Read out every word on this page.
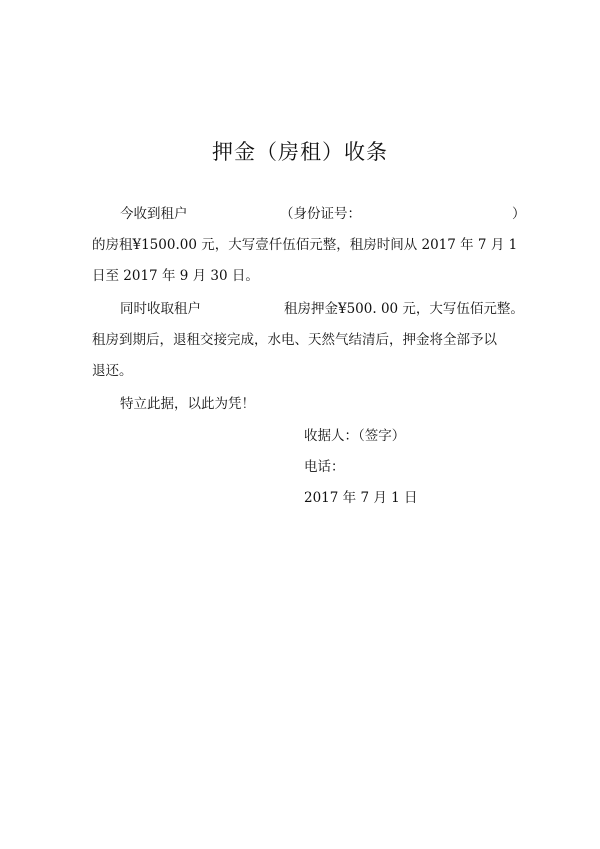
押金（房租）收条
今收到租户	（身份证号：	）
的房租¥1500.00 元，大写壹仟伍佰元整，租房时间从 2017 年 7 月 1
日至 2017 年 9 月 30 日。
同时收取租户	租房押金¥500. 00 元，大写伍佰元整。
租房到期后，退租交接完成，水电、天然气结清后，押金将全部予以
退还。
特立此据，以此为凭！
收据人：（签字）
电话：
2017 年 7 月 1 日
